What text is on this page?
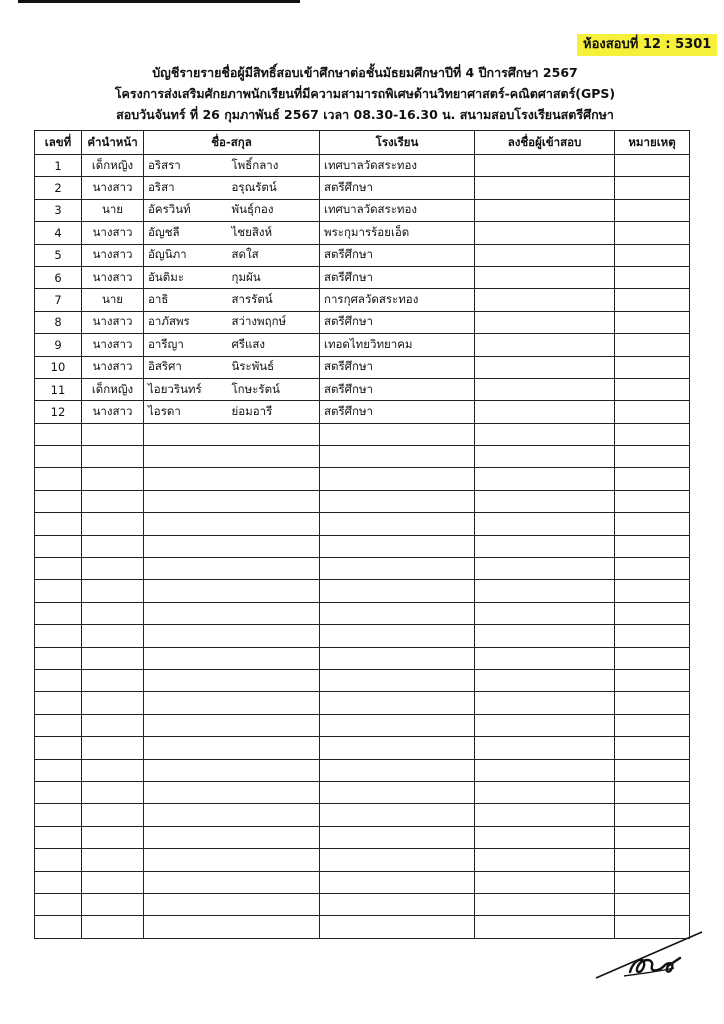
ห้องสอบที่ 12 : 5301
บัญชีรายรายชื่อผู้มีสิทธิ์สอบเข้าศึกษาต่อชั้นมัธยมศึกษาปีที่ 4 ปีการศึกษา 2567
โครงการส่งเสริมศักยภาพนักเรียนที่มีความสามารถพิเศษด้านวิทยาศาสตร์-คณิตศาสตร์(GPS)
สอบวันจันทร์ ที่ 26 กุมภาพันธ์ 2567 เวลา 08.30-16.30 น. สนามสอบโรงเรียนสตรีศึกษา
เลขที่	คำนำหน้า	ชื่อ-สกุล		โรงเรียน	ลงชื่อผู้เข้าสอบ	หมายเหตุ
1	เด็กหญิง	อริสรา	โพธิ์กลาง	เทศบาลวัดสระทอง		
2	นางสาว	อริสา	อรุณรัตน์	สตรีศึกษา		
3	นาย	อัครวินท์	พันธุ์กอง	เทศบาลวัดสระทอง		
4	นางสาว	อัญชลี	ไชยสิงห์	พระกุมารร้อยเอ็ด		
5	นางสาว	อัญนิภา	สดใส	สตรีศึกษา		
6	นางสาว	อันติมะ	กุมผัน	สตรีศึกษา		
7	นาย	อาธิ	สารรัตน์	การกุศลวัดสระทอง		
8	นางสาว	อาภัสพร	สว่างพฤกษ์	สตรีศึกษา		
9	นางสาว	อารีญา	ศรีแสง	เทอดไทยวิทยาคม		
10	นางสาว	อิสริศา	นิระพันธ์	สตรีศึกษา		
11	เด็กหญิง	ไอยวรินทร์	โกษะรัตน์	สตรีศึกษา		
12	นางสาว	ไอรดา	ย่อมอารี	สตรีศึกษา		
